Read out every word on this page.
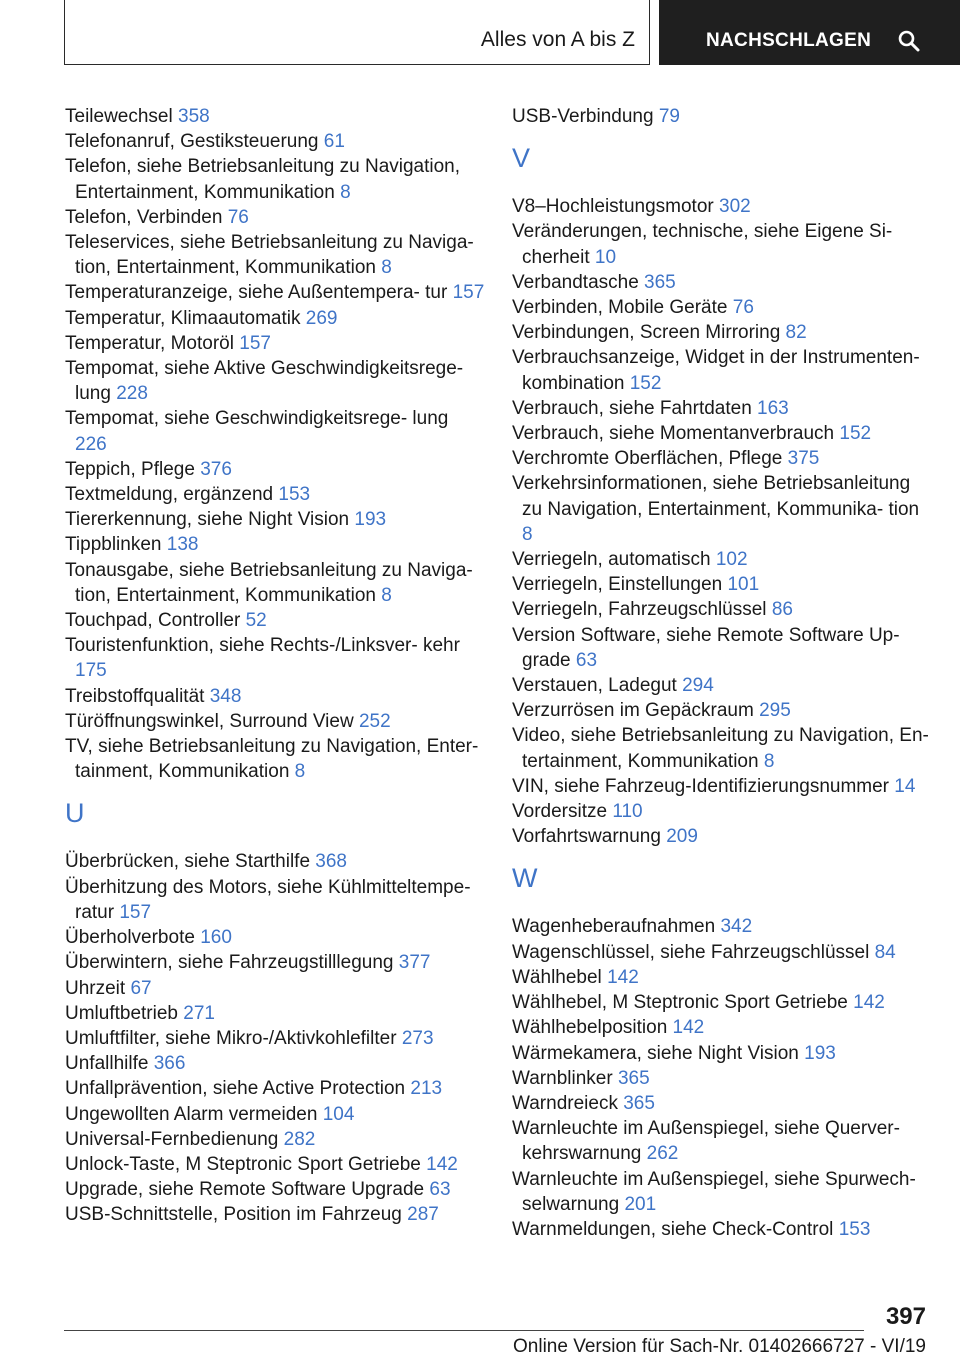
Alles von A bis Z	NACHSCHLAGEN
Teilewechsel 358
Telefonanruf, Gestiksteuerung 61
Telefon, siehe Betriebsanleitung zu Navigation, Entertainment, Kommunikation 8
Telefon, Verbinden 76
Teleservices, siehe Betriebsanleitung zu Naviga‐ tion, Entertainment, Kommunikation 8
Temperaturanzeige, siehe Außentempera‐ tur 157
Temperatur, Klimaautomatik 269
Temperatur, Motoröl 157
Tempomat, siehe Aktive Geschwindigkeitsrege‐ lung 228
Tempomat, siehe Geschwindigkeitsrege‐ lung 226
Teppich, Pflege 376
Textmeldung, ergänzend 153
Tiererkennung, siehe Night Vision 193
Tippblinken 138
Tonausgabe, siehe Betriebsanleitung zu Naviga‐ tion, Entertainment, Kommunikation 8
Touchpad, Controller 52
Touristenfunktion, siehe Rechts-/Linksver‐ kehr 175
Treibstoffqualität 348
Türöffnungswinkel, Surround View 252
TV, siehe Betriebsanleitung zu Navigation, Enter‐ tainment, Kommunikation 8
U
Überbrücken, siehe Starthilfe 368
Überhitzung des Motors, siehe Kühlmitteltempe‐ ratur 157
Überholverbote 160
Überwintern, siehe Fahrzeugstilllegung 377
Uhrzeit 67
Umluftbetrieb 271
Umluftfilter, siehe Mikro-/Aktivkohlefilter 273
Unfallhilfe 366
Unfallprävention, siehe Active Protection 213
Ungewollten Alarm vermeiden 104
Universal-Fernbedienung 282
Unlock-Taste, M Steptronic Sport Getriebe 142
Upgrade, siehe Remote Software Upgrade 63
USB-Schnittstelle, Position im Fahrzeug 287
USB-Verbindung 79
V
V8–Hochleistungsmotor 302
Veränderungen, technische, siehe Eigene Si‐ cherheit 10
Verbandtasche 365
Verbinden, Mobile Geräte 76
Verbindungen, Screen Mirroring 82
Verbrauchsanzeige, Widget in der Instrumenten‐ kombination 152
Verbrauch, siehe Fahrtdaten 163
Verbrauch, siehe Momentanverbrauch 152
Verchromte Oberflächen, Pflege 375
Verkehrsinformationen, siehe Betriebsanleitung zu Navigation, Entertainment, Kommunika‐ tion 8
Verriegeln, automatisch 102
Verriegeln, Einstellungen 101
Verriegeln, Fahrzeugschlüssel 86
Version Software, siehe Remote Software Up‐ grade 63
Verstauen, Ladegut 294
Verzurrösen im Gepäckraum 295
Video, siehe Betriebsanleitung zu Navigation, En‐ tertainment, Kommunikation 8
VIN, siehe Fahrzeug-Identifizierungsnummer 14
Vordersitze 110
Vorfahrtswarnung 209
W
Wagenheberaufnahmen 342
Wagenschlüssel, siehe Fahrzeugschlüssel 84
Wählhebel 142
Wählhebel, M Steptronic Sport Getriebe 142
Wählhebelposition 142
Wärmekamera, siehe Night Vision 193
Warnblinker 365
Warndreieck 365
Warnleuchte im Außenspiegel, siehe Querver‐ kehrswarnung 262
Warnleuchte im Außenspiegel, siehe Spurwech‐ selwarnung 201
Warnmeldungen, siehe Check-Control 153
397
Online Version für Sach-Nr. 01402666727 - VI/19
